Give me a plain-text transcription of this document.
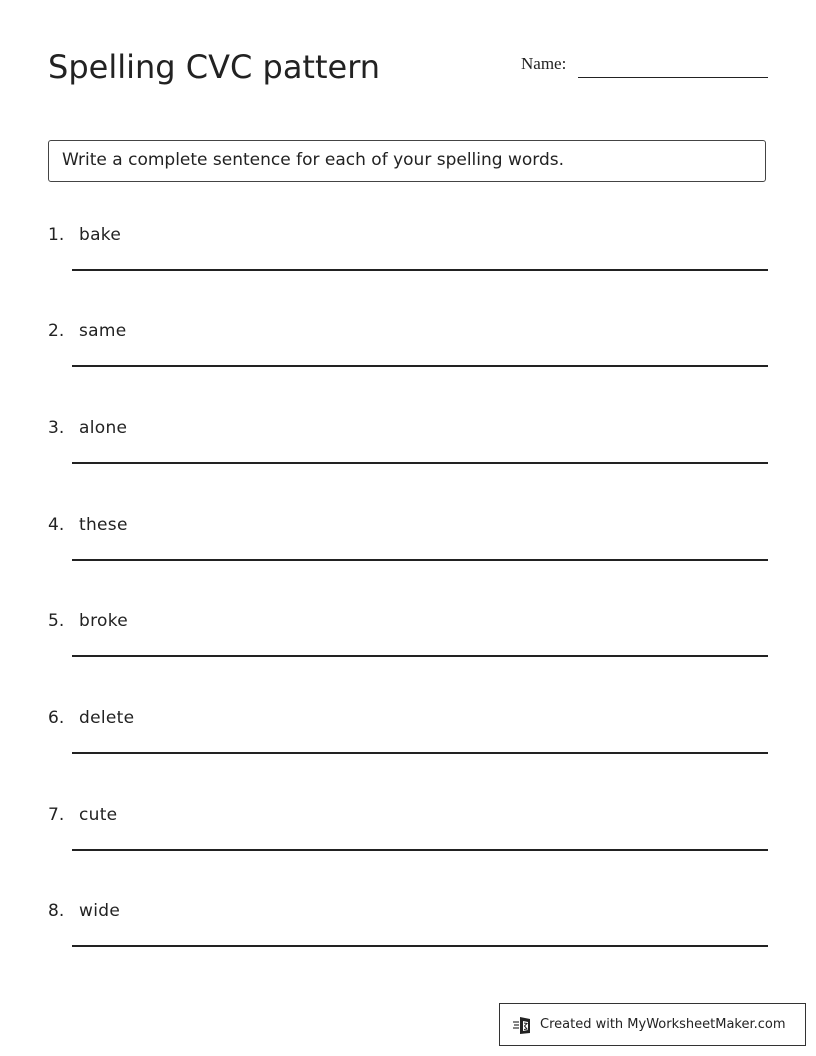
Spelling CVC pattern	Name:
Write a complete sentence for each of your spelling words.
1. bake
2. same
3. alone
4. these
5. broke
6. delete
7. cute
8. wide
Created with MyWorksheetMaker.com
